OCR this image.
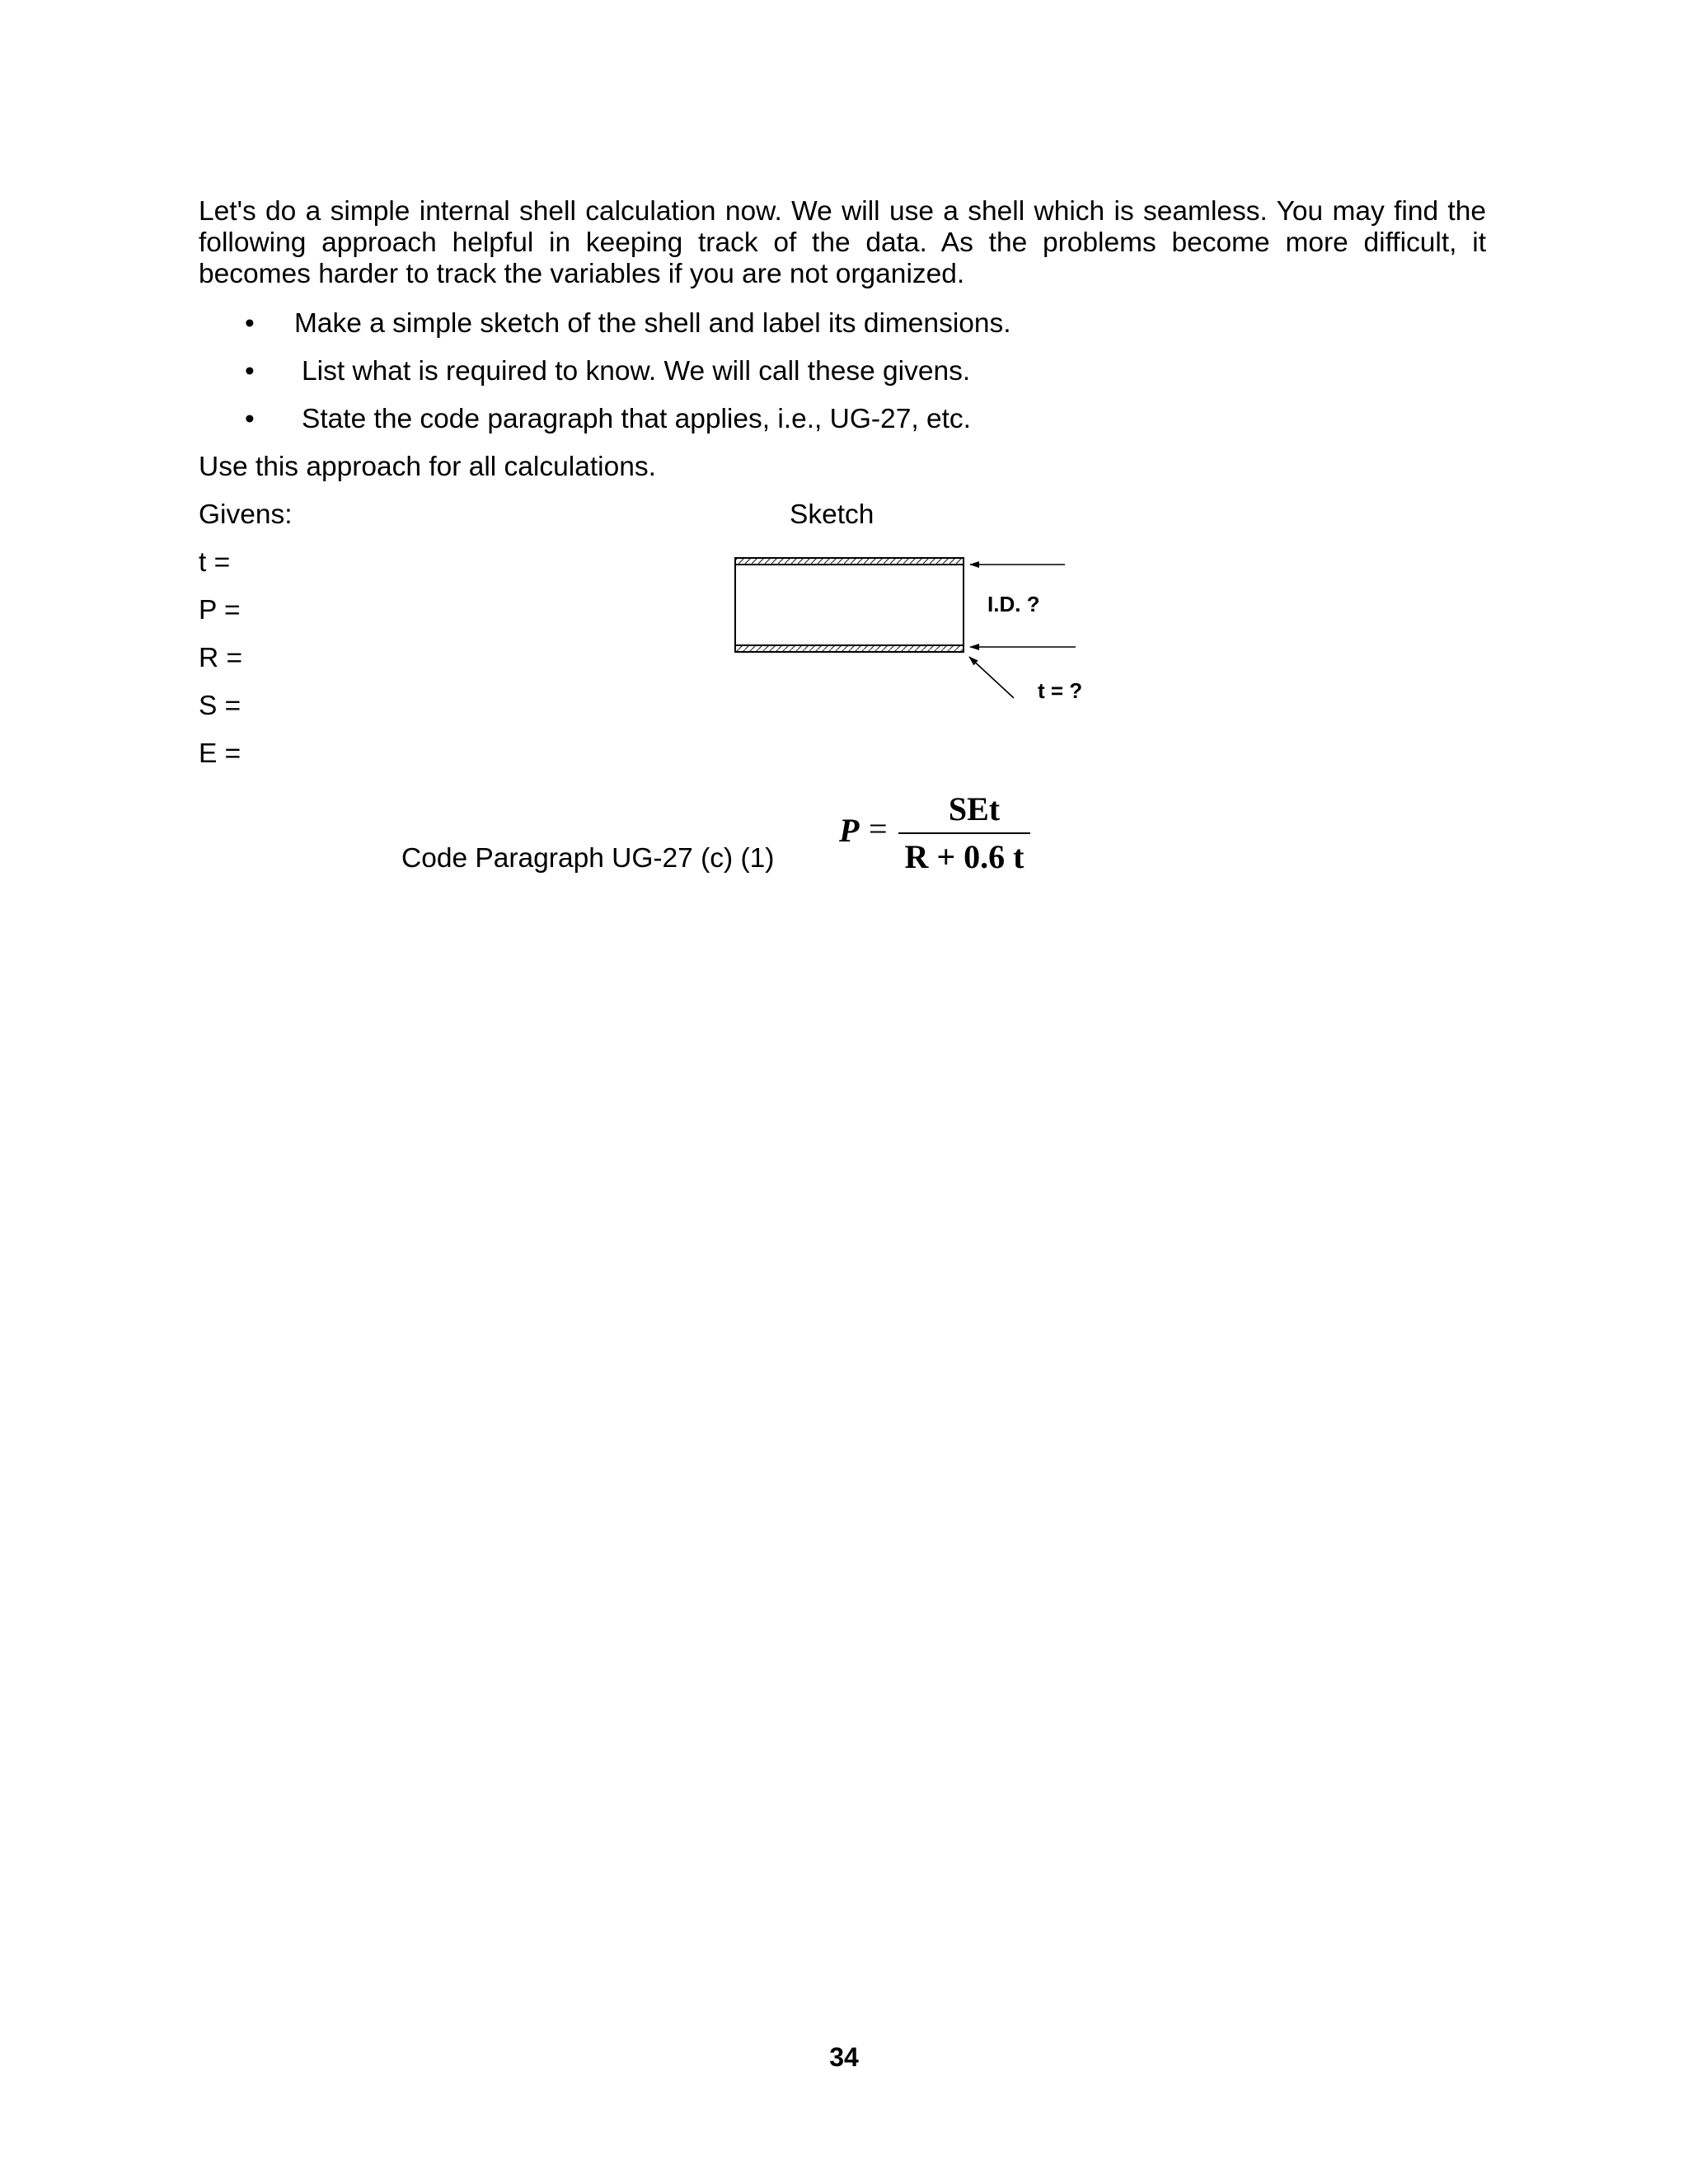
Let's do a simple internal shell calculation now. We will use a shell which is seamless. You may find the following approach helpful in keeping track of the data. As the problems become more difficult, it becomes harder to track the variables if you are not organized.

• Make a simple sketch of the shell and label its dimensions.
• List what is required to know. We will call these givens.
• State the code paragraph that applies, i.e., UG-27, etc.
Use this approach for all calculations.
Givens:	Sketch
t =
P =
R =
S =
E =
I.D. ?
t = ?
Code Paragraph UG-27 (c) (1)
P =
SEt
R + 0.6 t
34
